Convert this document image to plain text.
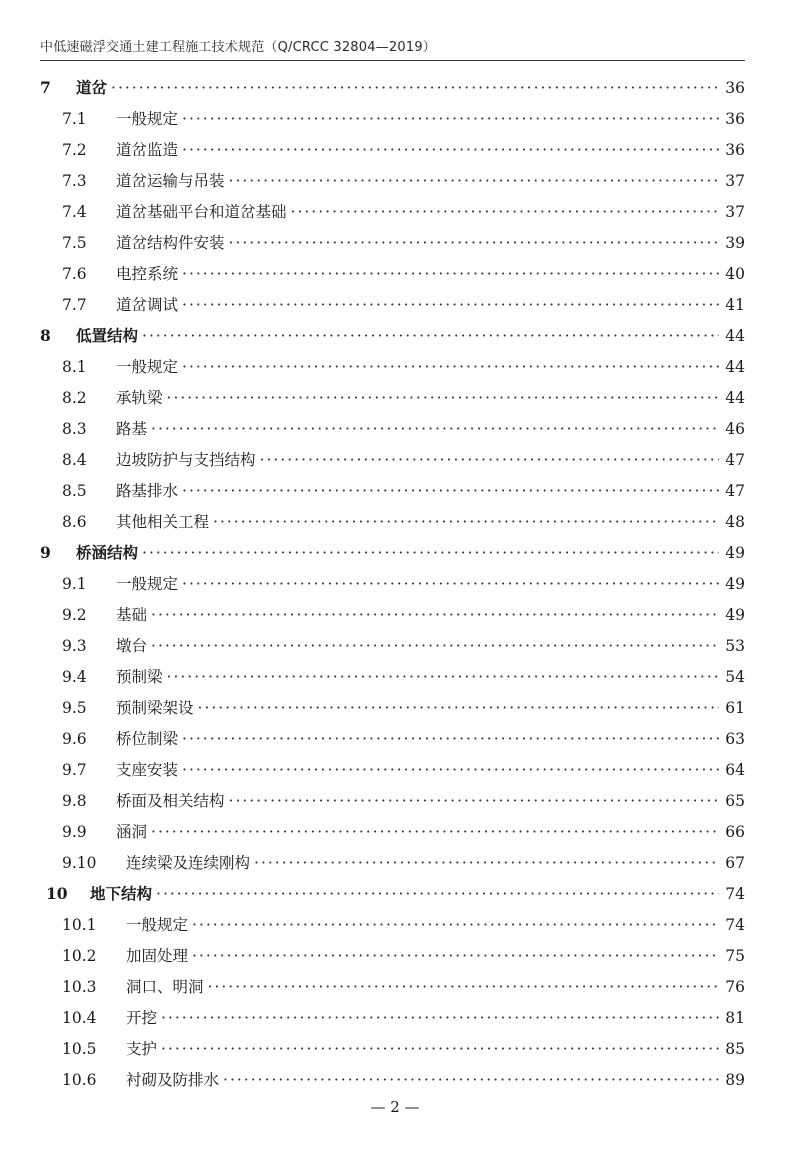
中低速磁浮交通土建工程施工技术规范（Q/CRCC 32804—2019）
7	道岔 ·····	36
7.1	一般规定 ·····	36
7.2	道岔监造 ·····	36
7.3	道岔运输与吊装 ·····	37
7.4	道岔基础平台和道岔基础 ·····	37
7.5	道岔结构件安装 ·····	39
7.6	电控系统 ·····	40
7.7	道岔调试 ·····	41
8	低置结构 ·····	44
8.1	一般规定 ·····	44
8.2	承轨梁 ·····	44
8.3	路基 ·····	46
8.4	边坡防护与支挡结构 ·····	47
8.5	路基排水 ·····	47
8.6	其他相关工程 ·····	48
9	桥涵结构 ·····	49
9.1	一般规定 ·····	49
9.2	基础 ·····	49
9.3	墩台 ·····	53
9.4	预制梁 ·····	54
9.5	预制梁架设 ·····	61
9.6	桥位制梁 ·····	63
9.7	支座安装 ·····	64
9.8	桥面及相关结构 ·····	65
9.9	涵洞 ·····	66
9.10	连续梁及连续刚构 ·····	67
10	地下结构 ·····	74
10.1	一般规定 ·····	74
10.2	加固处理 ·····	75
10.3	洞口、明洞 ·····	76
10.4	开挖 ·····	81
10.5	支护 ·····	85
10.6	衬砌及防排水 ·····	89
— 2 —
